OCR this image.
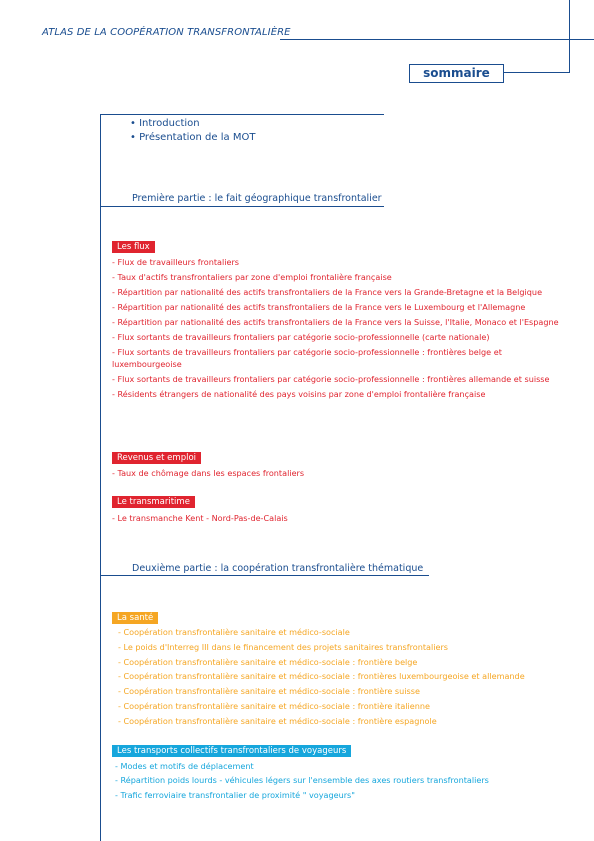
ATLAS DE LA COOPÉRATION TRANSFRONTALIÈRE
sommaire
• Introduction
• Présentation de la MOT
Première partie : le fait géographique transfrontalier
Les flux
- Flux de travailleurs frontaliers
- Taux d'actifs transfrontaliers par zone d'emploi frontalière française
- Répartition par nationalité des actifs transfrontaliers de la France vers la Grande-Bretagne et la Belgique
- Répartition par nationalité des actifs transfrontaliers de la France vers le Luxembourg et l'Allemagne
- Répartition par nationalité des actifs transfrontaliers de la France vers la Suisse, l'Italie, Monaco et l'Espagne
- Flux sortants de travailleurs frontaliers par catégorie socio-professionnelle (carte nationale)
- Flux sortants de travailleurs frontaliers par catégorie socio-professionnelle : frontières belge et luxembourgeoise
- Flux sortants de travailleurs frontaliers par catégorie socio-professionnelle : frontières allemande et suisse
- Résidents étrangers de nationalité des pays voisins par zone d'emploi frontalière française
Revenus et emploi
- Taux de chômage dans les espaces frontaliers
Le transmaritime
- Le transmanche Kent - Nord-Pas-de-Calais
Deuxième partie : la coopération transfrontalière thématique
La santé
- Coopération transfrontalière sanitaire et médico-sociale
- Le poids d'Interreg III dans le financement des projets sanitaires transfrontaliers
- Coopération transfrontalière sanitaire et médico-sociale : frontière belge
- Coopération transfrontalière sanitaire et médico-sociale : frontières luxembourgeoise et allemande
- Coopération transfrontalière sanitaire et médico-sociale : frontière suisse
- Coopération transfrontalière sanitaire et médico-sociale : frontière italienne
- Coopération transfrontalière sanitaire et médico-sociale : frontière espagnole
Les transports collectifs transfrontaliers de voyageurs
- Modes et motifs de déplacement
- Répartition poids lourds - véhicules légers sur l'ensemble des axes routiers transfrontaliers
- Trafic ferroviaire transfrontalier de proximité " voyageurs"
